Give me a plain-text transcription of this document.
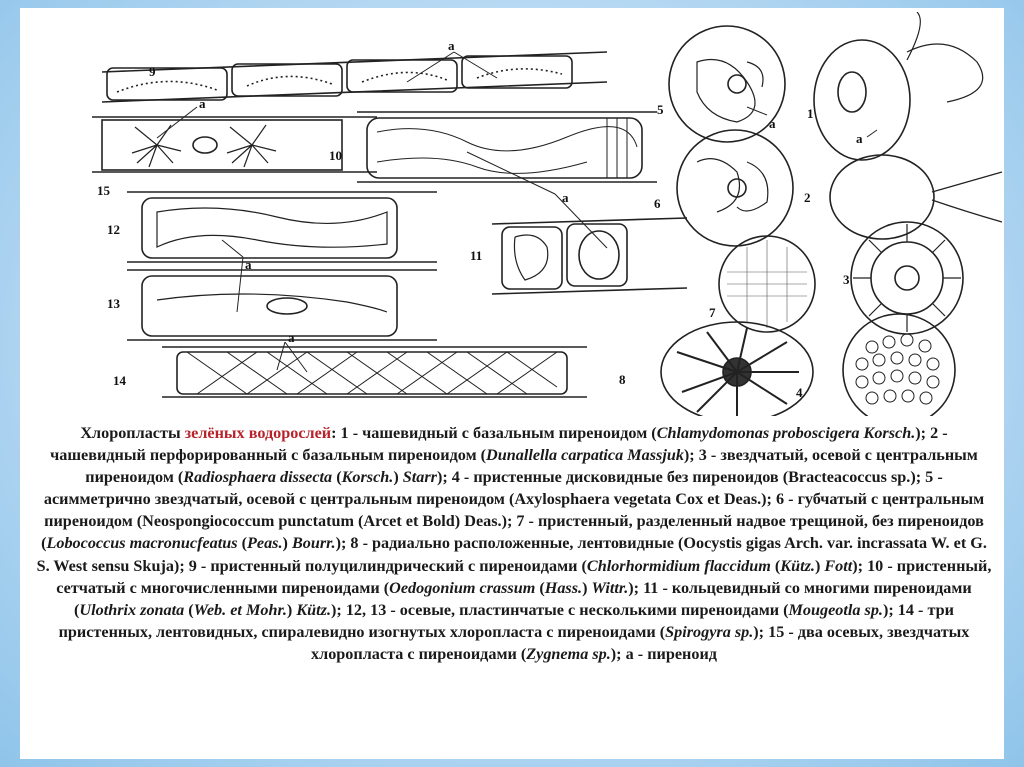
9
10
15
12
13
14
11
5
6
1
2
7
3
8
4
a
a
a
a
a
a
a
Хлоропласты зелёных водорослей: 1 - чашевидный с базальным пиреноидом (Chlamydomonas proboscigera Korsch.); 2 - чашевидный перфорированный с базальным пиреноидом (Dunallella carpatica Massjuk); 3 - звездчатый, осевой с центральным пиреноидом (Radiosphaera dissecta (Korsch.) Starr); 4 - пристенные дисковидные без пиреноидов (Bracteacoccus sp.); 5 - асимметрично звездчатый, осевой с центральным пиреноидом (Axylosphaera vegetata Cox et Deas.); 6 - губчатый с центральным пиреноидом (Neospongiococcum punctatum (Arcet et Bold) Deas.); 7 - пристенный, разделенный надвое трещиной, без пиреноидов (Lobococcus macronucfeatus (Peas.) Bourr.); 8 - радиально расположенные, лентовидные (Oocystis gigas Arch. var. incrassata W. et G. S. West sensu Skuja); 9 - пристенный полуцилиндрический с пиреноидами (Chlorhormidium flaccidum (Kütz.) Fott); 10 - пристенный, сетчатый с многочисленными пиреноидами (Oedogonium crassum (Hass.) Wittr.); 11 - кольцевидный со многими пиреноидами (Ulothrix zonata (Web. et Mohr.) Kütz.); 12, 13 - осевые, пластинчатые с несколькими пиреноидами (Mougeotla sp.); 14 - три пристенных, лентовидных, спиралевидно изогнутых хлоропласта с пиреноидами (Spirogyra sp.); 15 - два осевых, звездчатых хлоропласта с пиреноидами (Zygnema sp.); а - пиреноид
